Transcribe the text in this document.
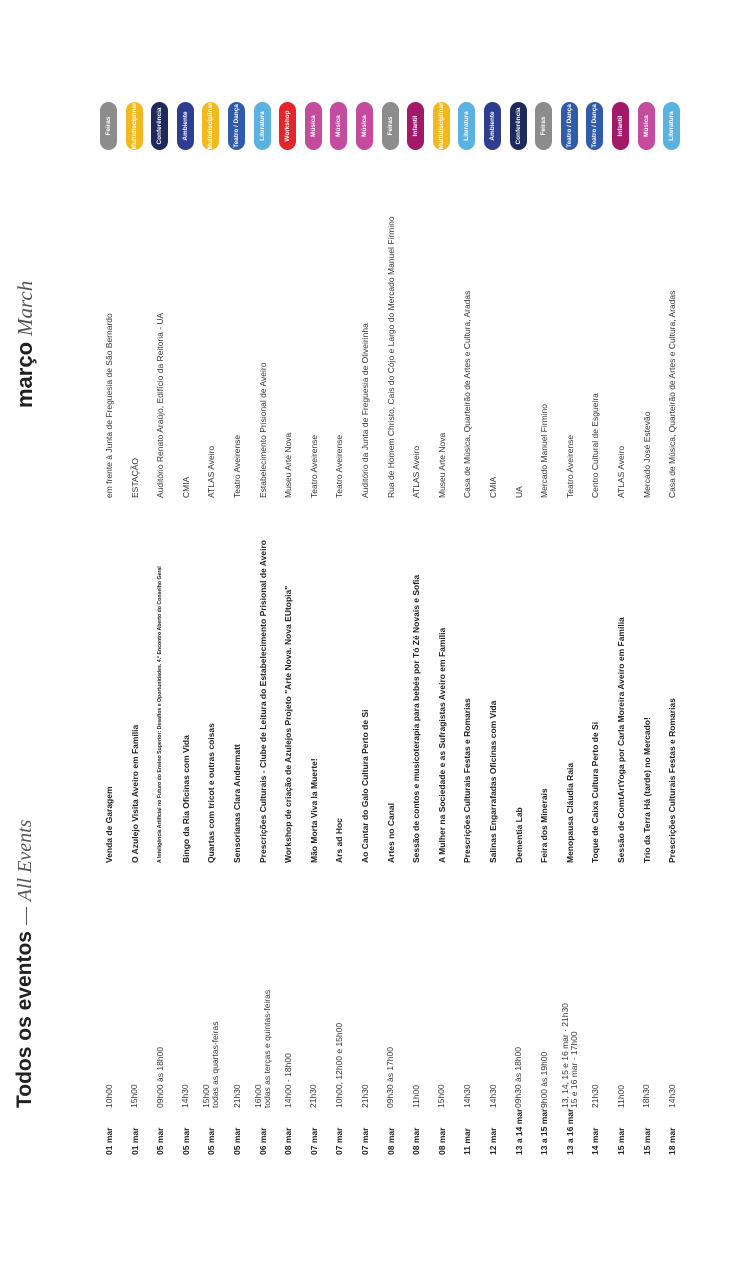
Todos os eventos
—
All Events
março
March
01 mar
10h00
Venda de Garagem
em frente à Junta de Freguesia de São Bernardo
Feiras
01 mar
15h00
O Azulejo Visita Aveiro em Família
ESTAÇÃO
Multidisciplinar
05 mar
09h00 às 18h00
A Inteligência Artificial no Futuro do Ensino Superior: Desafios e Oportunidades. 4.º Encontro Aberto do Conselho Geral
Auditório Renato Araújo, Edifício da Reitoria - UA
Conferência
05 mar
14h30
Bingo da Ria Oficinas com Vida
CMIA
Ambiente
05 mar
15h00
todas as quartas-feiras
Quartas com tricot e outras coisas
ATLAS Aveiro
Multidisciplinar
05 mar
21h30
Sensorianas Clara Andermatt
Teatro Aveirense
Teatro / Dança
06 mar
16h00
todas as terças e quintas-feiras
Prescrições Culturais - Clube de Leitura do Estabelecimento Prisional de Aveiro
Estabelecimento Prisional de Aveiro
Literatura
08 mar
14h00 - 18h00
Workshop de criação de Azulejos Projeto "Arte Nova. Nova EUtopia"
Museu Arte Nova
Workshop
07 mar
21h30
Mão Morta Viva la Muerte!
Teatro Aveirense
Música
07 mar
10h00, 12h00 e 15h00
Ars ad Hoc
Teatro Aveirense
Música
07 mar
21h30
Ao Cantar do Galo Cultura Perto de Si
Auditório da Junta de Freguesia de Oliveirinha
Música
08 mar
09h30 às 17h00
Artes no Canal
Rua de Homem Christo, Cais do Cójo e Largo do Mercado Manuel Firmino
Feiras
08 mar
11h00
Sessão de contos e musicoterapia para bebés por Tó Zé Novais e Sofia
ATLAS Aveiro
Infantil
08 mar
15h00
A Mulher na Sociedade e as Sufragistas Aveiro em Família
Museu Arte Nova
Multidisciplinar
11 mar
14h30
Prescrições Culturais Festas e Romarias
Casa de Música, Quarteirão de Artes e Cultura, Aradas
Literatura
12 mar
14h30
Salinas Engarrafadas Oficinas com Vida
CMIA
Ambiente
13 a 14 mar
09h30 às 18h00
Dementia Lab
UA
Conferência
13 a 15 mar
9h00 às 19h00
Feira dos Minerais
Mercado Manuel Firmino
Feiras
13 a 16 mar
13, 14, 15 e 16 mar · 21h30
15 e 16 mar · 17h00
Menopausa Cláudia Raia
Teatro Aveirense
Teatro / Dança
14 mar
21h30
Toque de Caixa Cultura Perto de Si
Centro Cultural de Esgueira
Teatro / Dança
15 mar
11h00
Sessão de ComtArtYoga por Carla Moreira Aveiro em Família
ATLAS Aveiro
Infantil
15 mar
18h30
Trio da Terra Há (tarde) no Mercado!
Mercado José Estevão
Música
18 mar
14h30
Prescrições Culturais Festas e Romarias
Casa de Música, Quarteirão de Artes e Cultura, Aradas
Literatura
